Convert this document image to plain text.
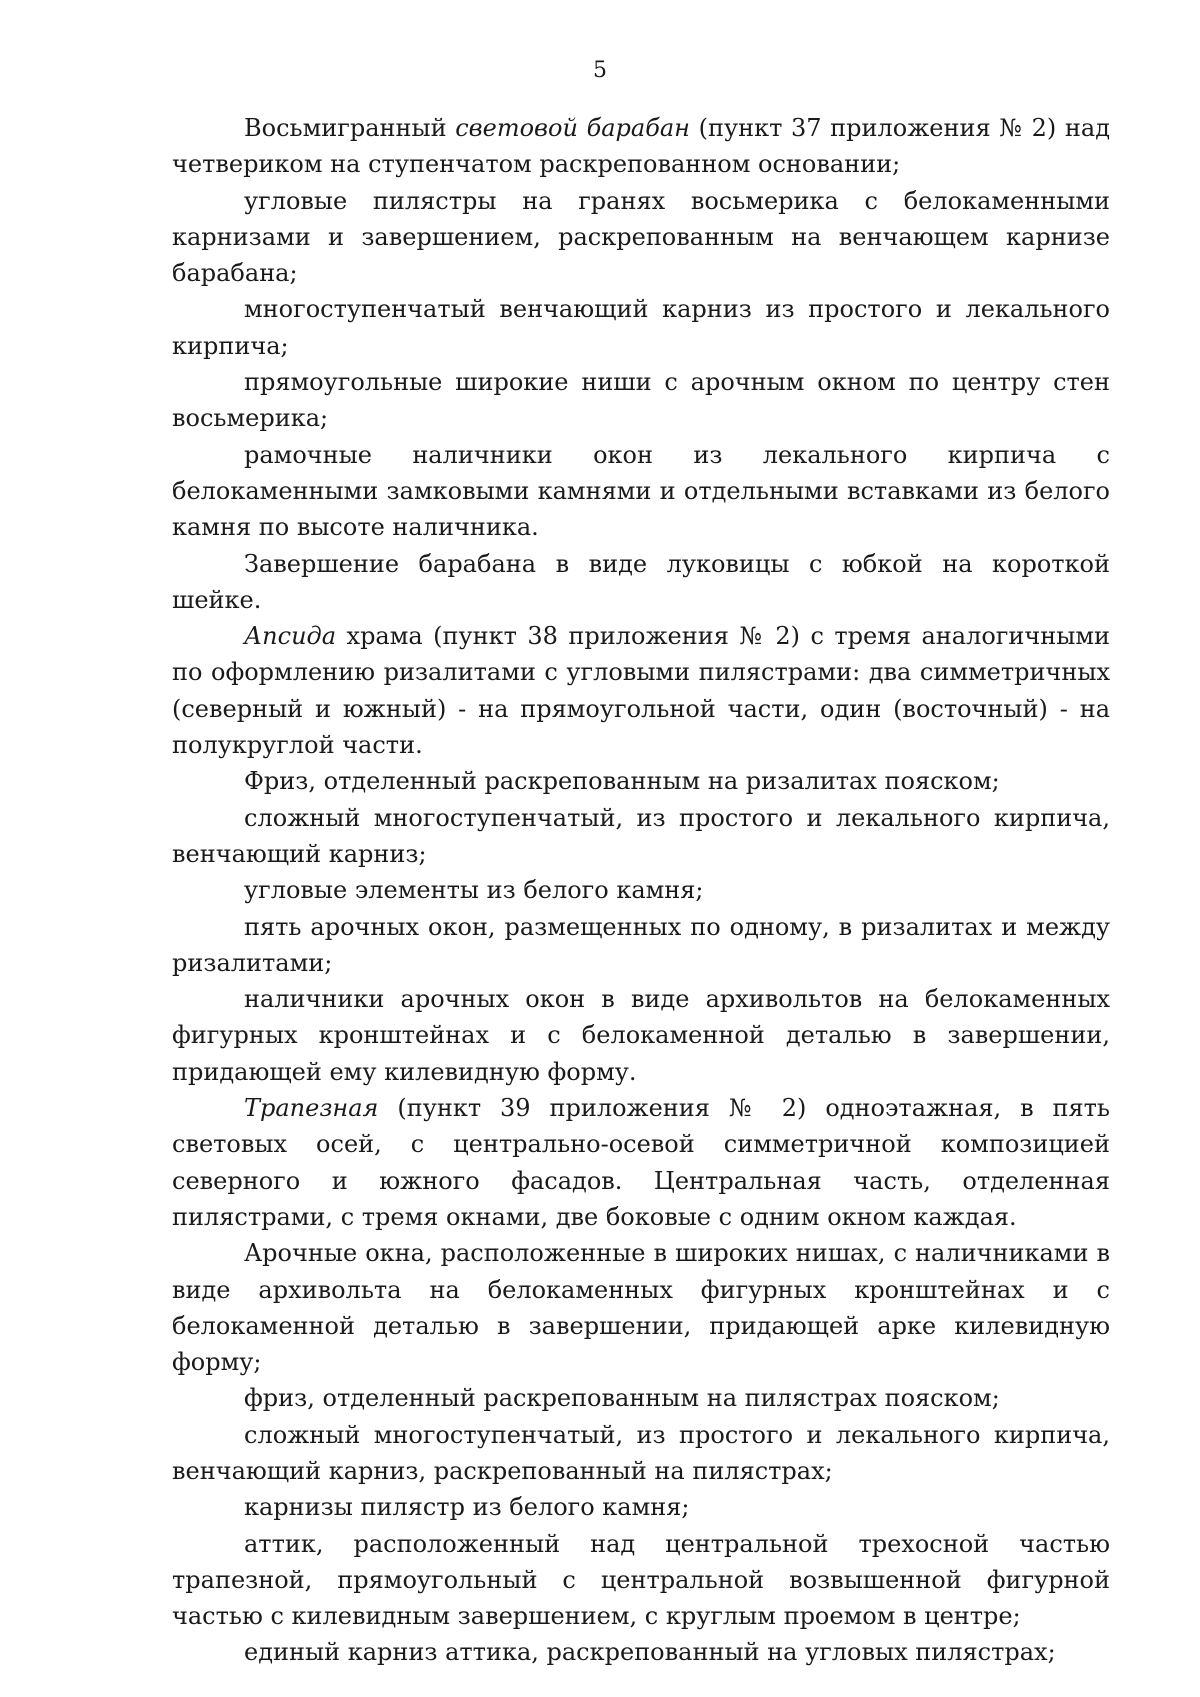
5

Восьмигранный световой барабан (пункт 37 приложения № 2) над четвериком на ступенчатом раскрепованном основании;

угловые пилястры на гранях восьмерика с белокаменными карнизами и завершением, раскрепованным на венчающем карнизе барабана;

многоступенчатый венчающий карниз из простого и лекального кирпича;

прямоугольные широкие ниши с арочным окном по центру стен восьмерика;

рамочные наличники окон из лекального кирпича с белокаменными замковыми камнями и отдельными вставками из белого камня по высоте наличника.

Завершение барабана в виде луковицы с юбкой на короткой шейке.

Апсида храма (пункт 38 приложения № 2) с тремя аналогичными по оформлению ризалитами с угловыми пилястрами: два симметричных (северный и южный) - на прямоугольной части, один (восточный) - на полукруглой части.

Фриз, отделенный раскрепованным на ризалитах пояском;

сложный многоступенчатый, из простого и лекального кирпича, венчающий карниз;

угловые элементы из белого камня;

пять арочных окон, размещенных по одному, в ризалитах и между ризалитами;

наличники арочных окон в виде архивольтов на белокаменных фигурных кронштейнах и с белокаменной деталью в завершении, придающей ему килевидную форму.

Трапезная (пункт 39 приложения № 2) одноэтажная, в пять световых осей, с центрально-осевой симметричной композицией северного и южного фасадов. Центральная часть, отделенная пилястрами, с тремя окнами, две боковые с одним окном каждая.

Арочные окна, расположенные в широких нишах, с наличниками в виде архивольта на белокаменных фигурных кронштейнах и с белокаменной деталью в завершении, придающей арке килевидную форму;

фриз, отделенный раскрепованным на пилястрах пояском;

сложный многоступенчатый, из простого и лекального кирпича, венчающий карниз, раскрепованный на пилястрах;

карнизы пилястр из белого камня;

аттик, расположенный над центральной трехосной частью трапезной, прямоугольный с центральной возвышенной фигурной частью с килевидным завершением, с круглым проемом в центре;

единый карниз аттика, раскрепованный на угловых пилястрах;
